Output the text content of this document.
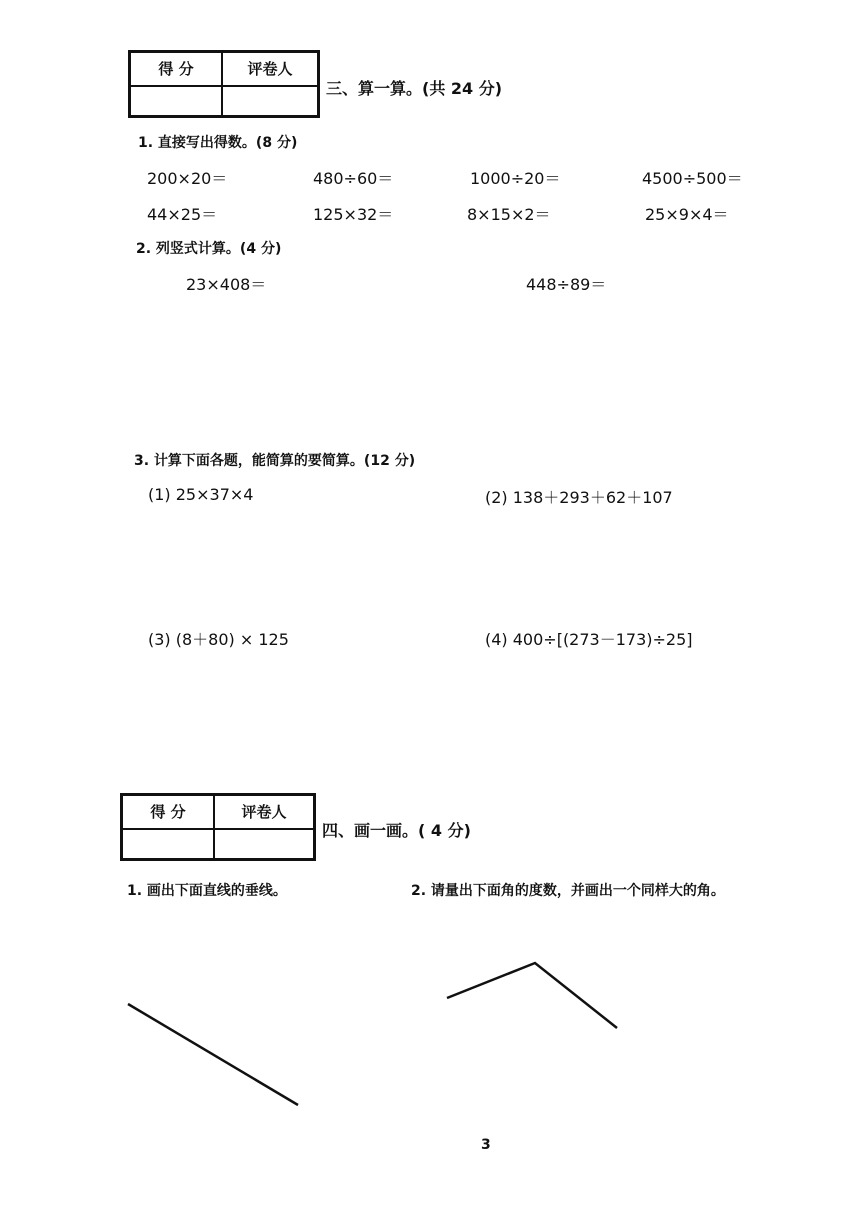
得 分	评卷人

三、算一算。(共 24 分)
1. 直接写出得数。(8 分)
200×20＝	480÷60＝	1000÷20＝	4500÷500＝
44×25＝	125×32＝	8×15×2＝	25×9×4＝
2. 列竖式计算。(4 分)
23×408＝	448÷89＝
3. 计算下面各题，能简算的要简算。(12 分)
(1) 25×37×4	(2) 138＋293＋62＋107
(3) (8＋80) × 125	(4) 400÷[(273－173)÷25]
得 分	评卷人

四、画一画。( 4 分)
1. 画出下面直线的垂线。	2. 请量出下面角的度数，并画出一个同样大的角。
3
